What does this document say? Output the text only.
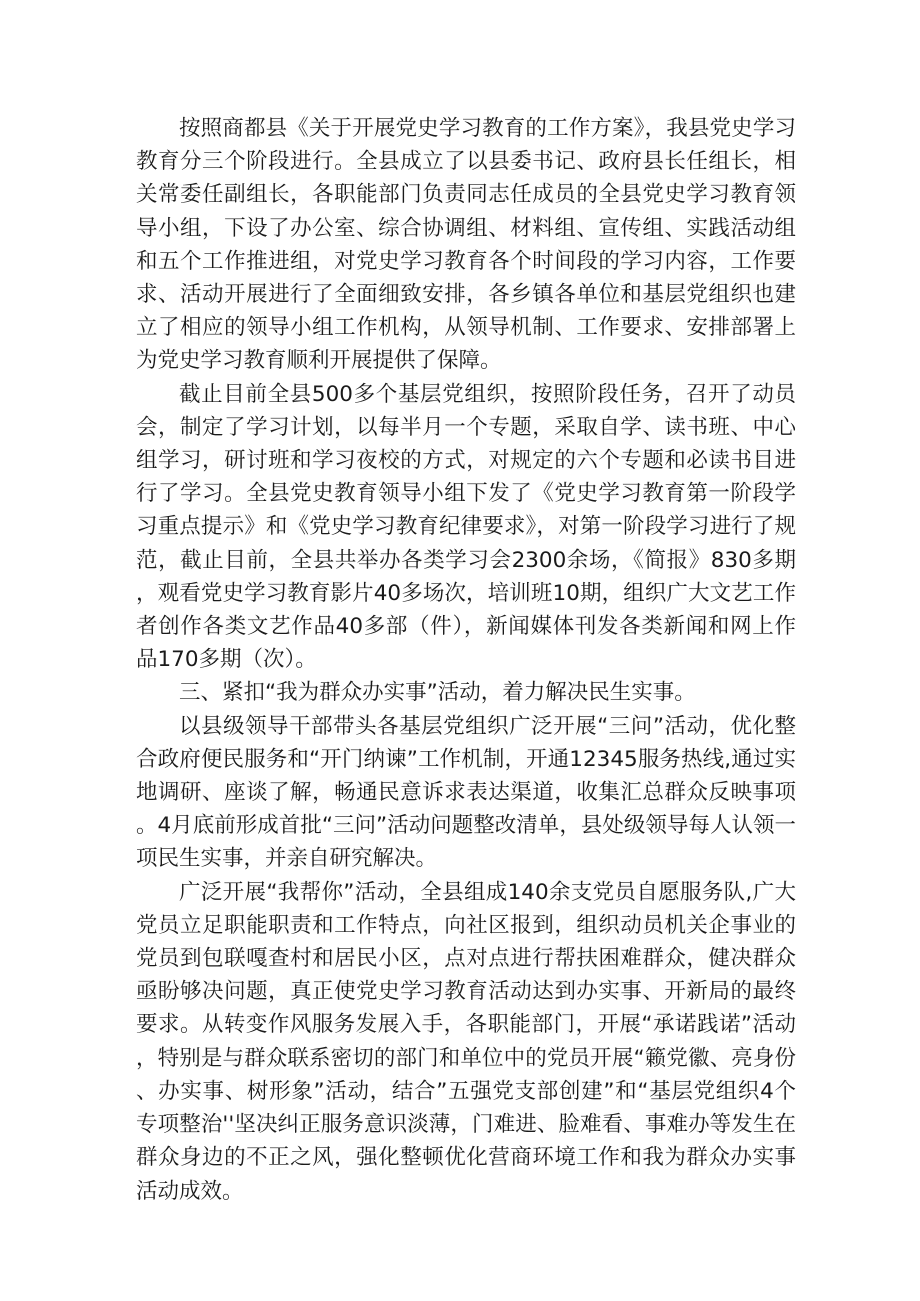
按照商都县《关于开展党史学习教育的工作方案》，我县党史学习教育分三个阶段进行。全县成立了以县委书记、政府县长任组长，相关常委任副组长，各职能部门负责同志任成员的全县党史学习教育领导小组，下设了办公室、综合协调组、材料组、宣传组、实践活动组和五个工作推进组，对党史学习教育各个时间段的学习内容，工作要求、活动开展进行了全面细致安排，各乡镇各单位和基层党组织也建立了相应的领导小组工作机构，从领导机制、工作要求、安排部署上为党史学习教育顺利开展提供了保障。

截止目前全县500多个基层党组织，按照阶段任务，召开了动员会，制定了学习计划，以每半月一个专题，采取自学、读书班、中心组学习，研讨班和学习夜校的方式，对规定的六个专题和必读书目进行了学习。全县党史教育领导小组下发了《党史学习教育第一阶段学习重点提示》和《党史学习教育纪律要求》，对第一阶段学习进行了规范，截止目前，全县共举办各类学习会2300余场，《简报》830多期，观看党史学习教育影片40多场次，培训班10期，组织广大文艺工作者创作各类文艺作品40多部（件），新闻媒体刊发各类新闻和网上作品170多期（次）。

三、紧扣“我为群众办实事”活动，着力解决民生实事。

以县级领导干部带头各基层党组织广泛开展“三问”活动，优化整合政府便民服务和“开门纳谏”工作机制，开通12345服务热线,通过实地调研、座谈了解，畅通民意诉求表达渠道，收集汇总群众反映事项。4月底前形成首批“三问”活动问题整改清单，县处级领导每人认领一项民生实事，并亲自研究解决。

广泛开展“我帮你”活动，全县组成140余支党员自愿服务队,广大党员立足职能职责和工作特点，向社区报到，组织动员机关企事业的党员到包联嘎查村和居民小区，点对点进行帮扶困难群众，健决群众亟盼够决问题，真正使党史学习教育活动达到办实事、开新局的最终要求。从转变作风服务发展入手，各职能部门，开展“承诺践诺”活动，特别是与群众联系密切的部门和单位中的党员开展“籁党徽、亮身份、办实事、树形象”活动，结合”五强党支部创建”和“基层党组织4个专项整治''坚决纠正服务意识淡薄，门难进、脸难看、事难办等发生在群众身边的不正之风，强化整顿优化营商环境工作和我为群众办实事活动成效。
